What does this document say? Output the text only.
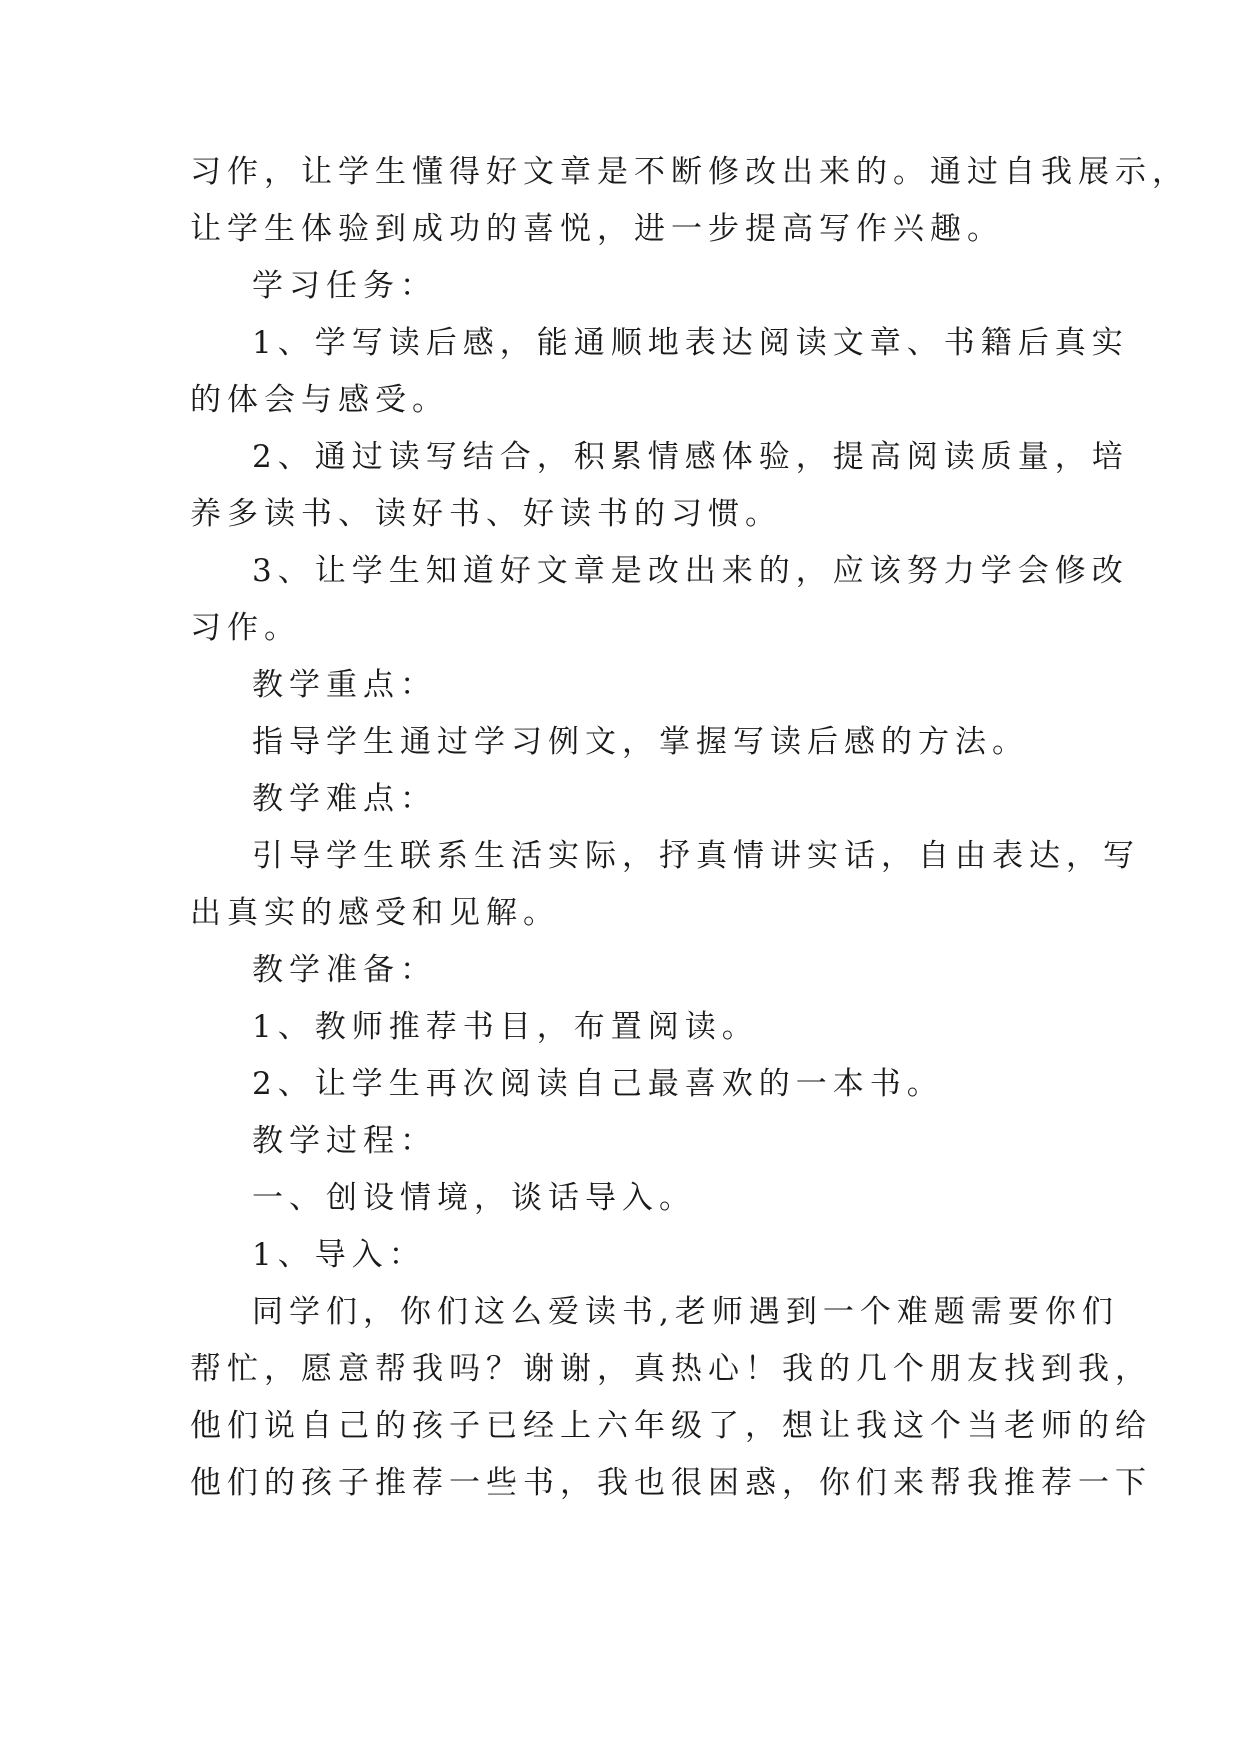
习作，让学生懂得好文章是不断修改出来的。通过自我展示，

让学生体验到成功的喜悦，进一步提高写作兴趣。

学习任务：

1、学写读后感，能通顺地表达阅读文章、书籍后真实

的体会与感受。

2、通过读写结合，积累情感体验，提高阅读质量，培

养多读书、读好书、好读书的习惯。

3、让学生知道好文章是改出来的，应该努力学会修改

习作。

教学重点：

指导学生通过学习例文，掌握写读后感的方法。

教学难点：

引导学生联系生活实际，抒真情讲实话，自由表达，写

出真实的感受和见解。

教学准备：

1、教师推荐书目，布置阅读。

2、让学生再次阅读自己最喜欢的一本书。

教学过程：

一、创设情境，谈话导入。

1、导入：

同学们，你们这么爱读书,老师遇到一个难题需要你们

帮忙，愿意帮我吗？谢谢，真热心！我的几个朋友找到我，

他们说自己的孩子已经上六年级了，想让我这个当老师的给

他们的孩子推荐一些书，我也很困惑，你们来帮我推荐一下
